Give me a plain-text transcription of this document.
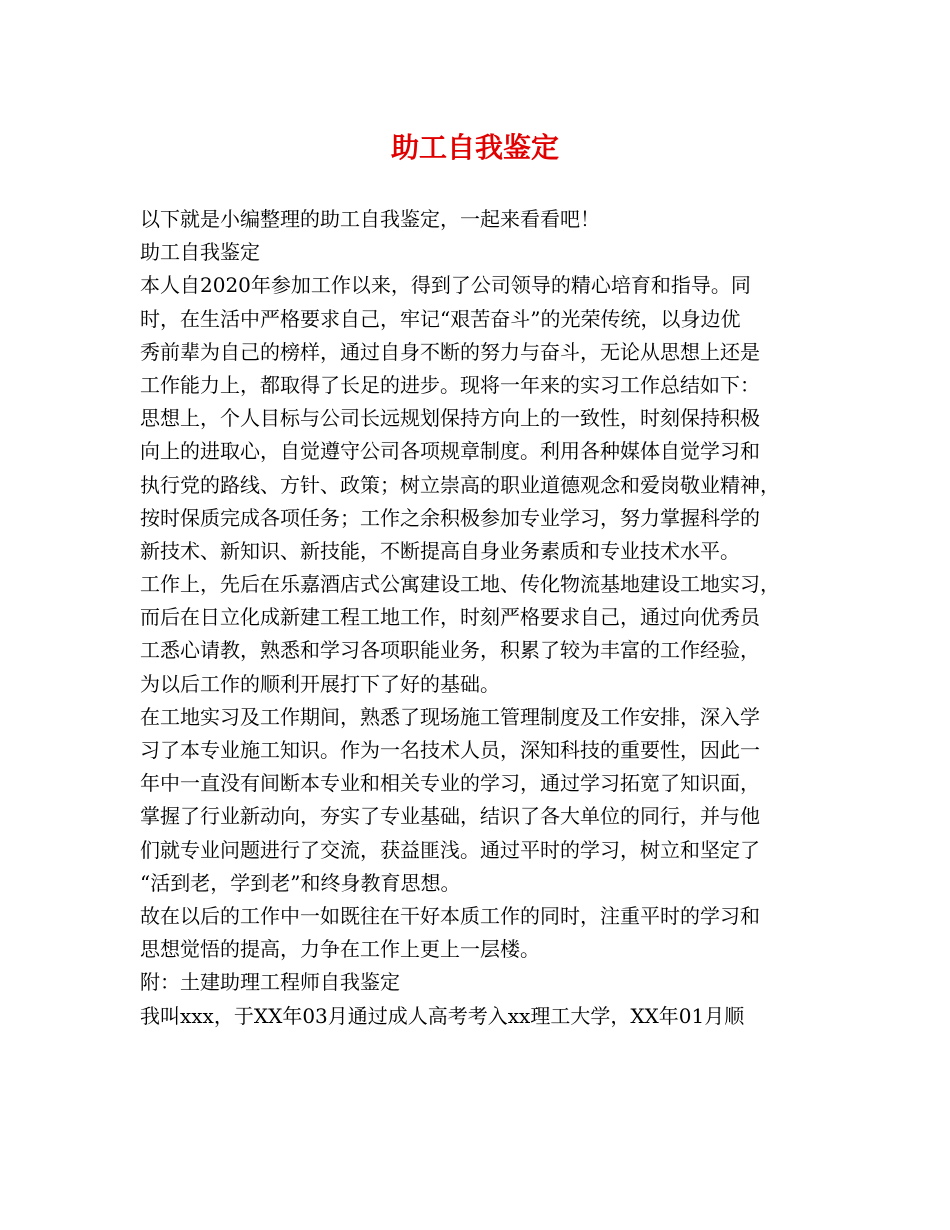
助工自我鉴定
以下就是小编整理的助工自我鉴定，一起来看看吧！
助工自我鉴定
本人自2020年参加工作以来，得到了公司领导的精心培育和指导。同
时，在生活中严格要求自己，牢记“艰苦奋斗”的光荣传统，以身边优
秀前辈为自己的榜样，通过自身不断的努力与奋斗，无论从思想上还是
工作能力上，都取得了长足的进步。现将一年来的实习工作总结如下：
思想上，个人目标与公司长远规划保持方向上的一致性，时刻保持积极
向上的进取心，自觉遵守公司各项规章制度。利用各种媒体自觉学习和
执行党的路线、方针、政策；树立崇高的职业道德观念和爱岗敬业精神，
按时保质完成各项任务；工作之余积极参加专业学习，努力掌握科学的
新技术、新知识、新技能，不断提高自身业务素质和专业技术水平。
工作上，先后在乐嘉酒店式公寓建设工地、传化物流基地建设工地实习，
而后在日立化成新建工程工地工作，时刻严格要求自己，通过向优秀员
工悉心请教，熟悉和学习各项职能业务，积累了较为丰富的工作经验，
为以后工作的顺利开展打下了好的基础。
在工地实习及工作期间，熟悉了现场施工管理制度及工作安排，深入学
习了本专业施工知识。作为一名技术人员，深知科技的重要性，因此一
年中一直没有间断本专业和相关专业的学习，通过学习拓宽了知识面，
掌握了行业新动向，夯实了专业基础，结识了各大单位的同行，并与他
们就专业问题进行了交流，获益匪浅。通过平时的学习，树立和坚定了
“活到老，学到老”和终身教育思想。
故在以后的工作中一如既往在干好本质工作的同时，注重平时的学习和
思想觉悟的提高，力争在工作上更上一层楼。
附：土建助理工程师自我鉴定
我叫xxx，于XX年03月通过成人高考考入xx理工大学，XX年01月顺
